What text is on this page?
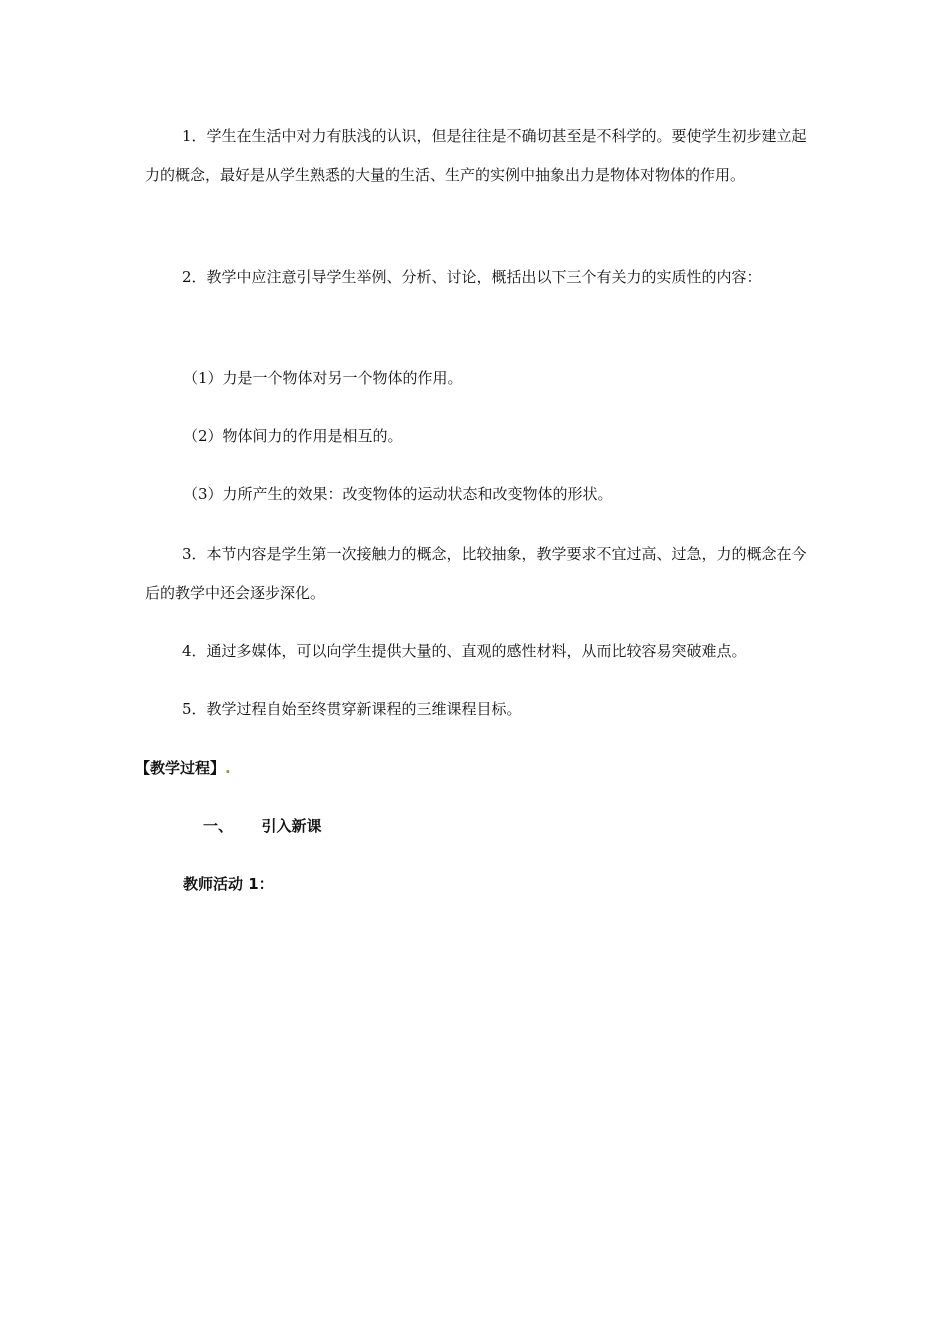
1．学生在生活中对力有肤浅的认识，但是往往是不确切甚至是不科学的。要使学生初步建立起力的概念，最好是从学生熟悉的大量的生活、生产的实例中抽象出力是物体对物体的作用。
2．教学中应注意引导学生举例、分析、讨论，概括出以下三个有关力的实质性的内容：
（1）力是一个物体对另一个物体的作用。
（2）物体间力的作用是相互的。
（3）力所产生的效果：改变物体的运动状态和改变物体的形状。
3．本节内容是学生第一次接触力的概念，比较抽象，教学要求不宜过高、过急，力的概念在今后的教学中还会逐步深化。
4．通过多媒体，可以向学生提供大量的、直观的感性材料，从而比较容易突破难点。
5．教学过程自始至终贯穿新课程的三维课程目标。
【教学过程】.
一、 引入新课
教师活动 1：
